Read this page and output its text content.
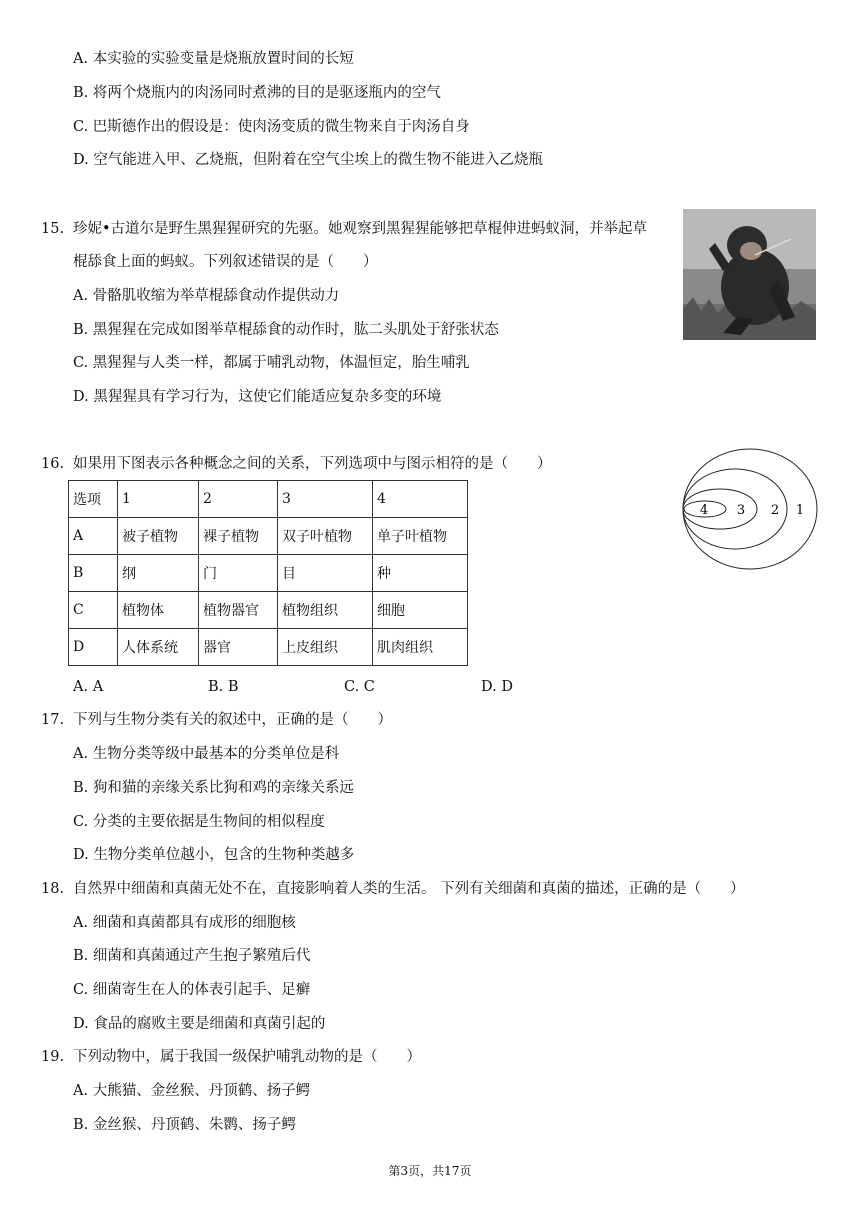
A. 本实验的实验变量是烧瓶放置时间的长短
B. 将两个烧瓶内的肉汤同时煮沸的目的是驱逐瓶内的空气
C. 巴斯德作出的假设是：使肉汤变质的微生物来自于肉汤自身
D. 空气能进入甲、乙烧瓶，但附着在空气尘埃上的微生物不能进入乙烧瓶
15. 珍妮•古道尔是野生黑猩猩研究的先驱。她观察到黑猩猩能够把草棍伸进蚂蚁洞，并举起草
棍舔食上面的蚂蚁。下列叙述错误的是（　　）
A. 骨骼肌收缩为举草棍舔食动作提供动力
B. 黑猩猩在完成如图举草棍舔食的动作时，肱二头肌处于舒张状态
C. 黑猩猩与人类一样，都属于哺乳动物，体温恒定，胎生哺乳
D. 黑猩猩具有学习行为，这使它们能适应复杂多变的环境
16. 如果用下图表示各种概念之间的关系，下列选项中与图示相符的是（　　）
选项	1	2	3	4
A	被子植物	裸子植物	双子叶植物	单子叶植物
B	纲	门	目	种
C	植物体	植物器官	植物组织	细胞
D	人体系统	器官	上皮组织	肌肉组织
4 3 2 1
A. A	B. B	C. C	D. D
17. 下列与生物分类有关的叙述中，正确的是（　　）
A. 生物分类等级中最基本的分类单位是科
B. 狗和猫的亲缘关系比狗和鸡的亲缘关系远
C. 分类的主要依据是生物间的相似程度
D. 生物分类单位越小，包含的生物种类越多
18. 自然界中细菌和真菌无处不在，直接影响着人类的生活。 下列有关细菌和真菌的描述，正确的是（　　）
A. 细菌和真菌都具有成形的细胞核
B. 细菌和真菌通过产生抱子繁殖后代
C. 细菌寄生在人的体表引起手、足癣
D. 食品的腐败主要是细菌和真菌引起的
19. 下列动物中，属于我国一级保护哺乳动物的是（　　）
A. 大熊猫、金丝猴、丹顶鹤、扬子鳄
B. 金丝猴、丹顶鹤、朱鹮、扬子鳄
第3页，共17页
